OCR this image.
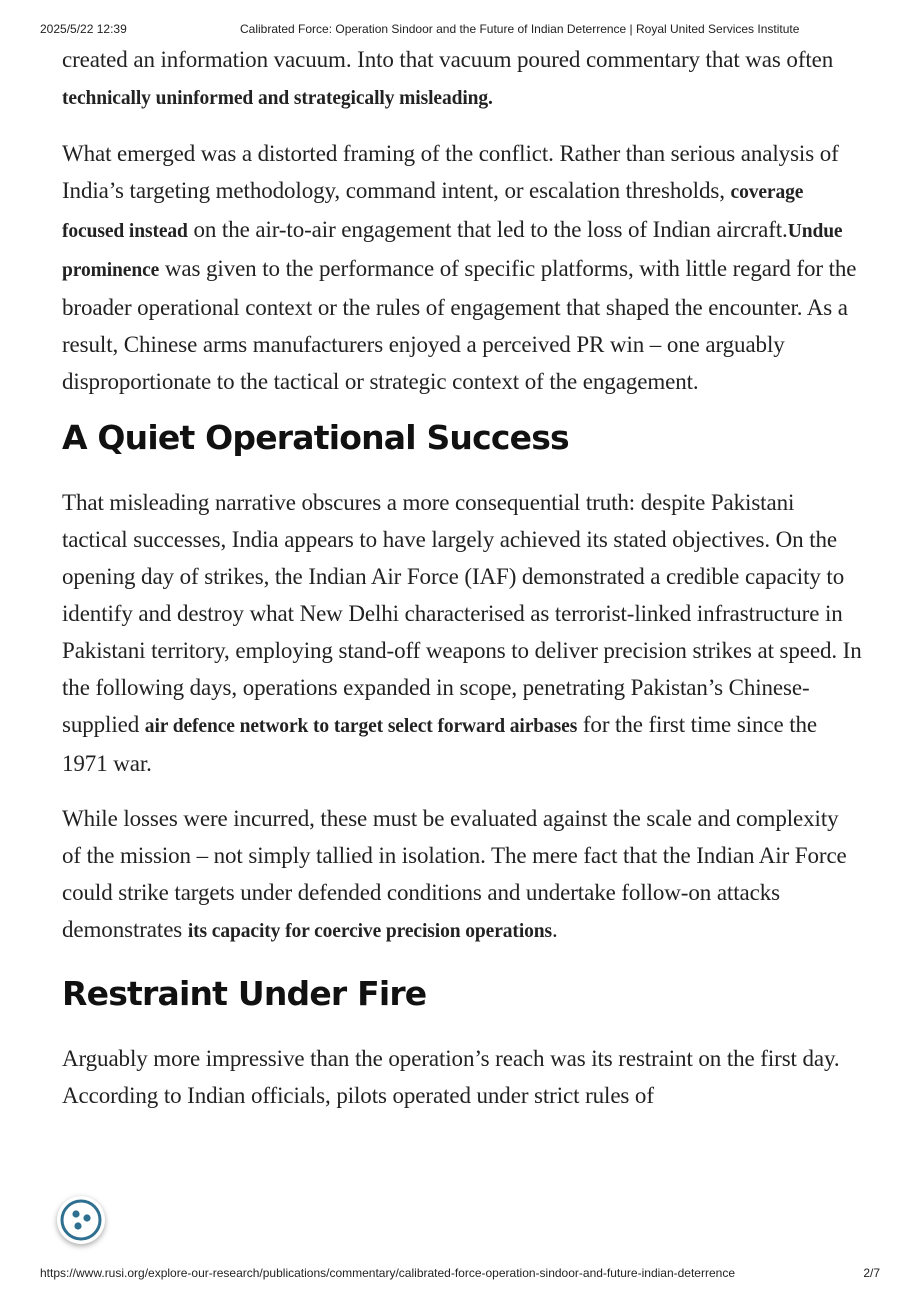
2025/5/22 12:39	Calibrated Force: Operation Sindoor and the Future of Indian Deterrence | Royal United Services Institute

created an information vacuum. Into that vacuum poured commentary that was often technically uninformed and strategically misleading.

What emerged was a distorted framing of the conflict. Rather than serious analysis of India’s targeting methodology, command intent, or escalation thresholds, coverage focused instead on the air-to-air engagement that led to the loss of Indian aircraft.Undue prominence was given to the performance of specific platforms, with little regard for the broader operational context or the rules of engagement that shaped the encounter. As a result, Chinese arms manufacturers enjoyed a perceived PR win – one arguably disproportionate to the tactical or strategic context of the engagement.

A Quiet Operational Success

That misleading narrative obscures a more consequential truth: despite Pakistani tactical successes, India appears to have largely achieved its stated objectives. On the opening day of strikes, the Indian Air Force (IAF) demonstrated a credible capacity to identify and destroy what New Delhi characterised as terrorist-linked infrastructure in Pakistani territory, employing stand-off weapons to deliver precision strikes at speed. In the following days, operations expanded in scope, penetrating Pakistan’s Chinese-supplied air defence network to target select forward airbases for the first time since the 1971 war.

While losses were incurred, these must be evaluated against the scale and complexity of the mission – not simply tallied in isolation. The mere fact that the Indian Air Force could strike targets under defended conditions and undertake follow-on attacks demonstrates its capacity for coercive precision operations.

Restraint Under Fire

Arguably more impressive than the operation’s reach was its restraint on the first day. According to Indian officials, pilots operated under strict rules of

https://www.rusi.org/explore-our-research/publications/commentary/calibrated-force-operation-sindoor-and-future-indian-deterrence	2/7
